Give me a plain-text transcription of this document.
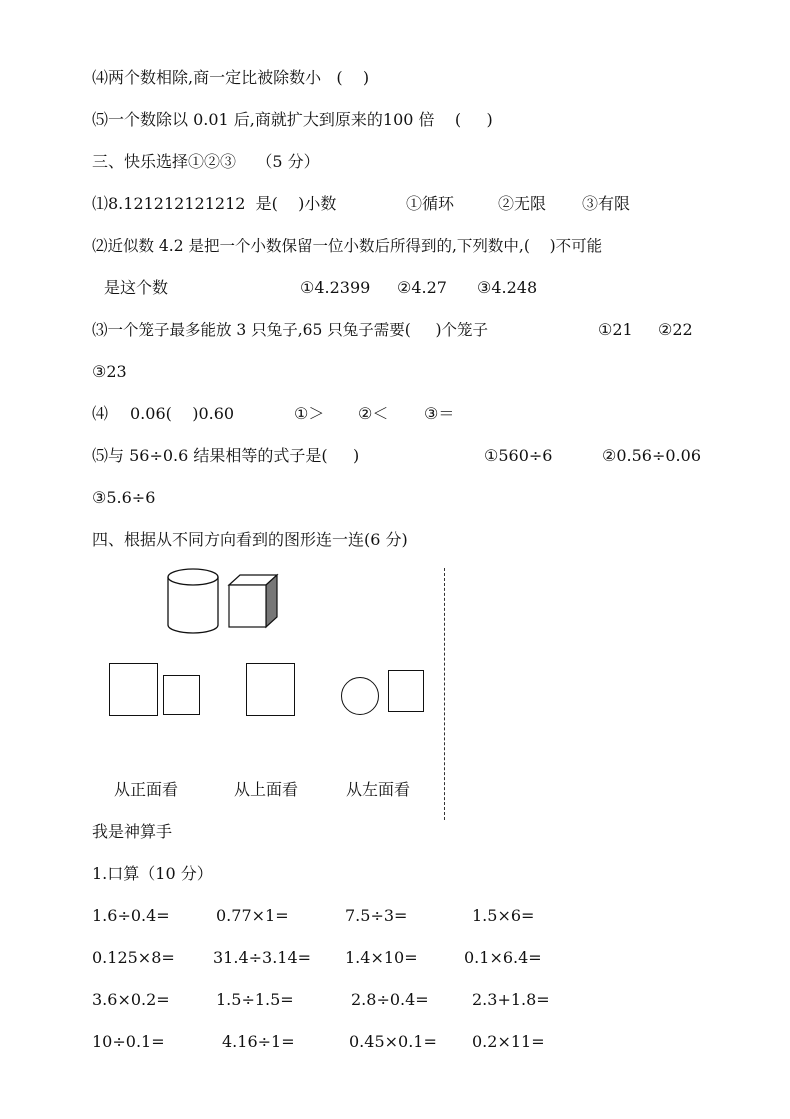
⑷两个数相除,商一定比被除数小   (    )
⑸一个数除以 0.01 后,商就扩大到原来的100 倍    (     )
三、快乐选择①②③    （5 分）
⑴8.121212121212  是(    )小数	①循环	②无限 ③有限
⑵近似数 4.2 是把一个小数保留一位小数后所得到的,下列数中,(    )不可能
是这个数	①4.2399 ②4.27 ③4.248
⑶一个笼子最多能放 3 只兔子,65 只兔子需要(     )个笼子	①21 ②22
③23
⑷ 0.06(    )0.60	①＞ ②＜ ③＝
⑸与 56÷0.6 结果相等的式子是(     )	①560÷6	②0.56÷0.06
③5.6÷6
四、根据从不同方向看到的图形连一连(6 分)
从正面看	从上面看	从左面看
我是神算手
1.口算（10 分）
1.6÷0.4=	0.77×1=	7.5÷3=	1.5×6=
0.125×8= 31.4÷3.14= 1.4×10=	0.1×6.4=
3.6×0.2=	1.5÷1.5=	2.8÷0.4=	2.3+1.8=
10÷0.1=	4.16÷1=	0.45×0.1= 0.2×11=
